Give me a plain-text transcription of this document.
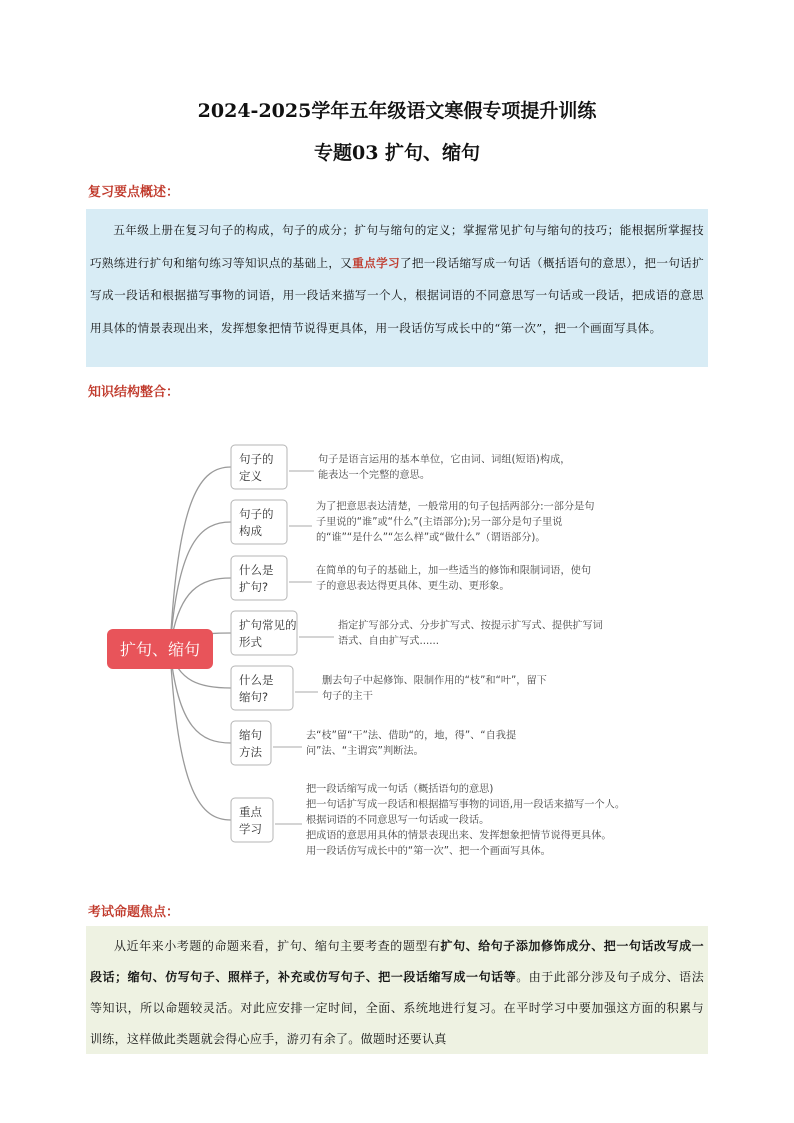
2024-2025学年五年级语文寒假专项提升训练
专题03 扩句、缩句
复习要点概述：

五年级上册在复习句子的构成，句子的成分；扩句与缩句的定义；掌握常见扩句与缩句的技巧；能根据所掌握技巧熟练进行扩句和缩句练习等知识点的基础上，又重点学习了把一段话缩写成一句话（概括语句的意思），把一句话扩写成一段话和根据描写事物的词语，用一段话来描写一个人，根据词语的不同意思写一句话或一段话，把成语的意思用具体的情景表现出来，发挥想象把情节说得更具体，用一段话仿写成长中的“第一次”，把一个画面写具体。

知识结构整合：
扩句、缩句
句子的
定义
句子是语言运用的基本单位，它由词、词组(短语)构成，
能表达一个完整的意思。
句子的
构成
为了把意思表达清楚，一般常用的句子包括两部分:一部分是句
子里说的“谁”或“什么”(主语部分);另一部分是句子里说
的“谁”“是什么”“怎么样”或“做什么”（谓语部分)。
什么是
扩句?
在简单的句子的基础上，加一些适当的修饰和限制词语，使句
子的意思表达得更具体、更生动、更形象。
扩句常见的
形式
指定扩写部分式、分步扩写式、按提示扩写式、提供扩写词
语式、自由扩写式......
什么是
缩句?
删去句子中起修饰、限制作用的“枝”和“叶”，留下
句子的主干
缩句
方法
去“枝”留“干”法、借助“的，地，得”、“自我提
问”法、“主谓宾”判断法。
重点
学习
把一段话缩写成一句话（概括语句的意思)
把一句话扩写成一段话和根据描写事物的词语,用一段话来描写一个人。
根据词语的不同意思写一句话或一段话。
把成语的意思用具体的情景表现出来、发挥想象把情节说得更具体。
用一段话仿写成长中的“第一次”、把一个画面写具体。
考试命题焦点：

从近年来小考题的命题来看，扩句、缩句主要考查的题型有扩句、给句子添加修饰成分、把一句话改写成一段话；缩句、仿写句子、照样子，补充或仿写句子、把一段话缩写成一句话等。由于此部分涉及句子成分、语法等知识，所以命题较灵活。对此应安排一定时间，全面、系统地进行复习。在平时学习中要加强这方面的积累与训练，这样做此类题就会得心应手，游刃有余了。做题时还要认真
